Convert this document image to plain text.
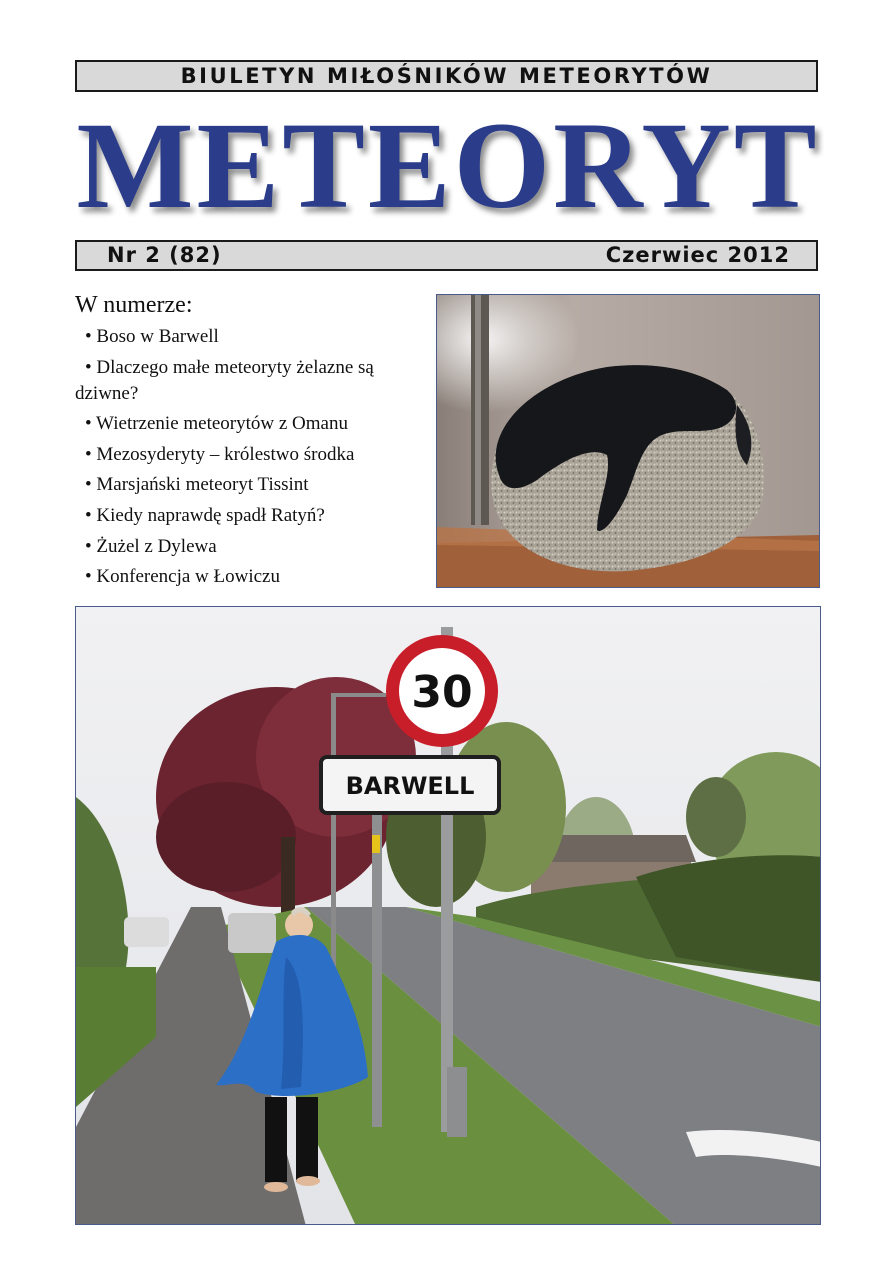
BIULETYN MIŁOŚNIKÓW METEORYTÓW
METEORYT
Nr 2 (82)	Czerwiec 2012
W numerze:
• Boso w Barwell
• Dlaczego małe meteoryty żelazne są dziwne?
• Wietrzenie meteorytów z Omanu
• Mezosyderyty – królestwo środka
• Marsjański meteoryt Tissint
• Kiedy naprawdę spadł Ratyń?
• Żużel z Dylewa
• Konferencja w Łowiczu
30
BARWELL
